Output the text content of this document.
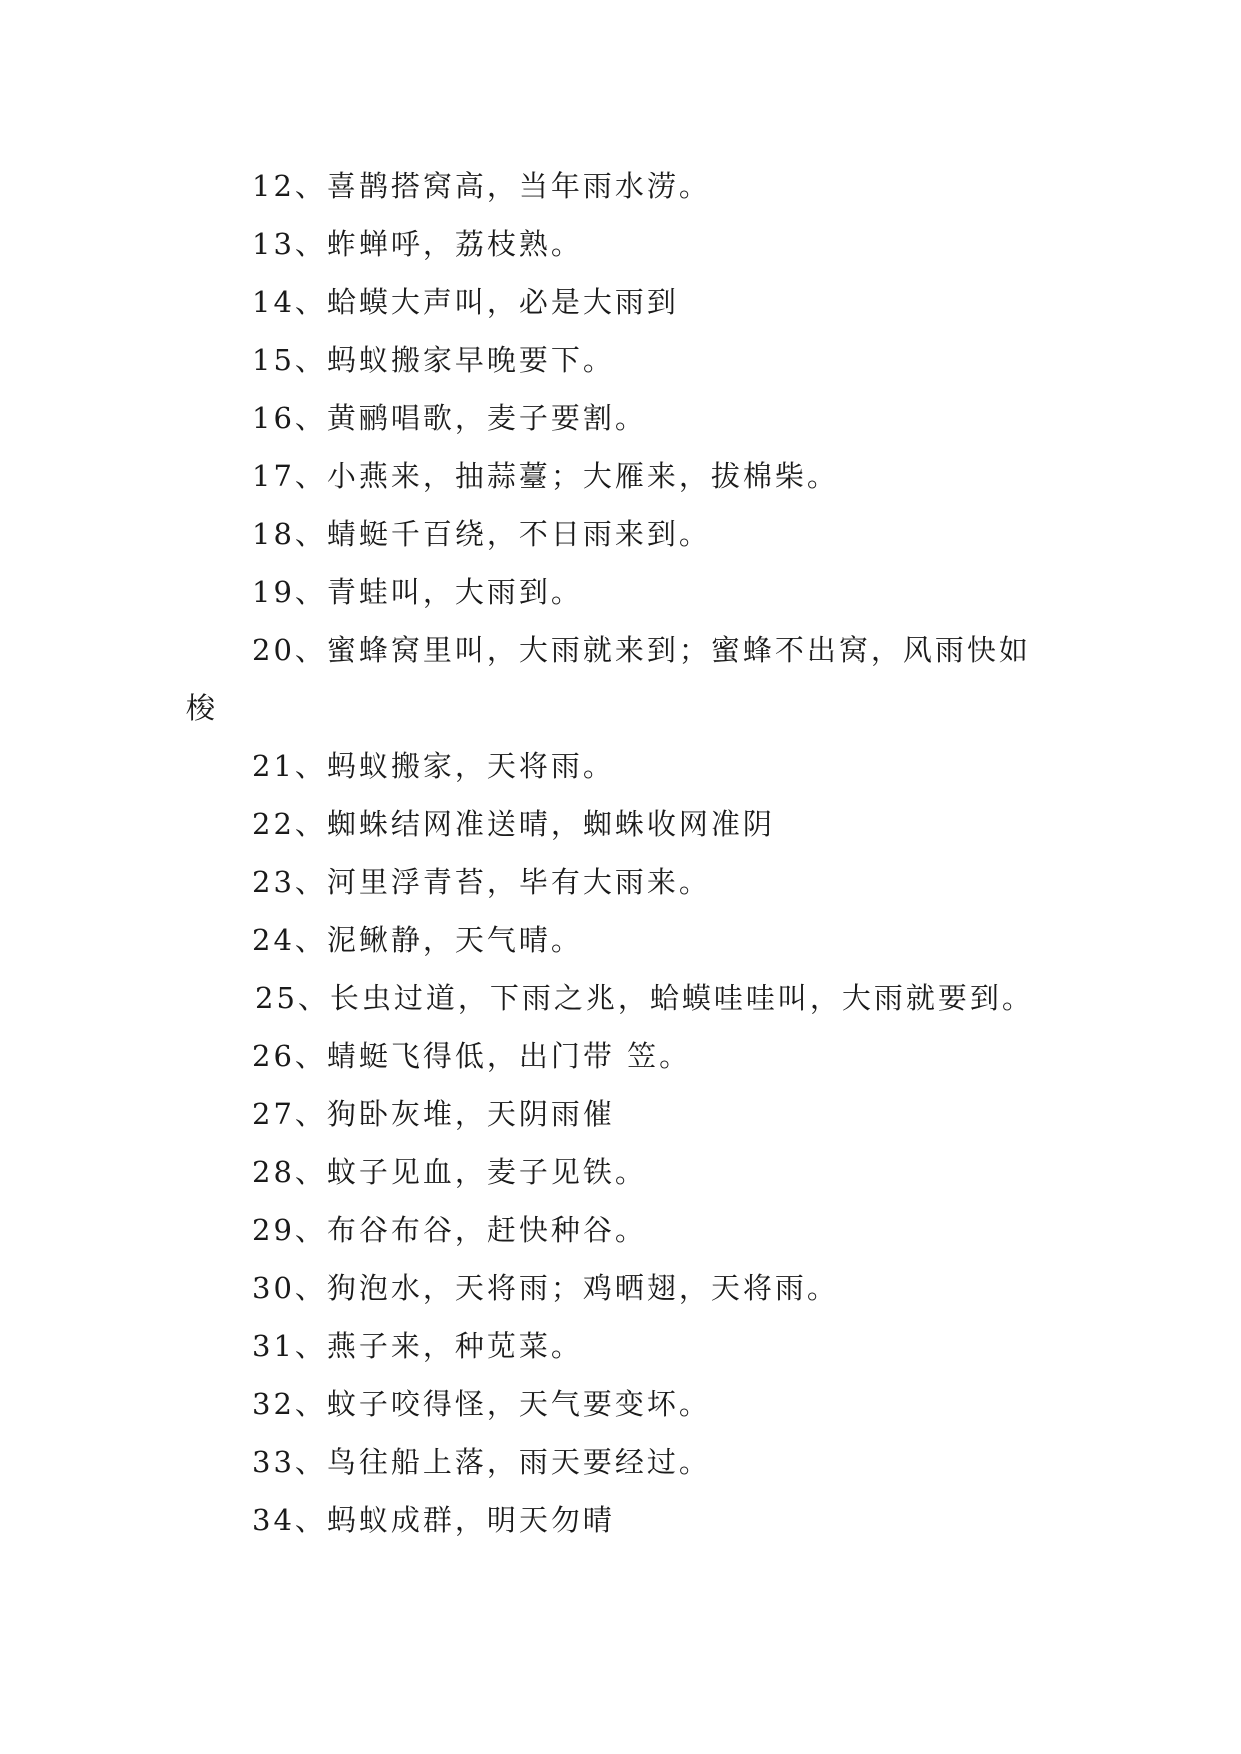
12、喜鹊搭窝高，当年雨水涝。
13、蚱蝉呼，荔枝熟。
14、蛤蟆大声叫，必是大雨到
15、蚂蚁搬家早晚要下。
16、黄鹂唱歌，麦子要割。
17、小燕来，抽蒜薹；大雁来，拔棉柴。
18、蜻蜓千百绕，不日雨来到。
19、青蛙叫，大雨到。
20、蜜蜂窝里叫，大雨就来到；蜜蜂不出窝，风雨快如
梭
21、蚂蚁搬家，天将雨。
22、蜘蛛结网准送晴，蜘蛛收网准阴
23、河里浮青苔，毕有大雨来。
24、泥鳅静，天气晴。
25、长虫过道，下雨之兆，蛤蟆哇哇叫，大雨就要到。
26、蜻蜓飞得低，出门带 笠。
27、狗卧灰堆，天阴雨催
28、蚊子见血，麦子见铁。
29、布谷布谷，赶快种谷。
30、狗泡水，天将雨；鸡晒翅，天将雨。
31、燕子来，种苋菜。
32、蚊子咬得怪，天气要变坏。
33、鸟往船上落，雨天要经过。
34、蚂蚁成群，明天勿晴
